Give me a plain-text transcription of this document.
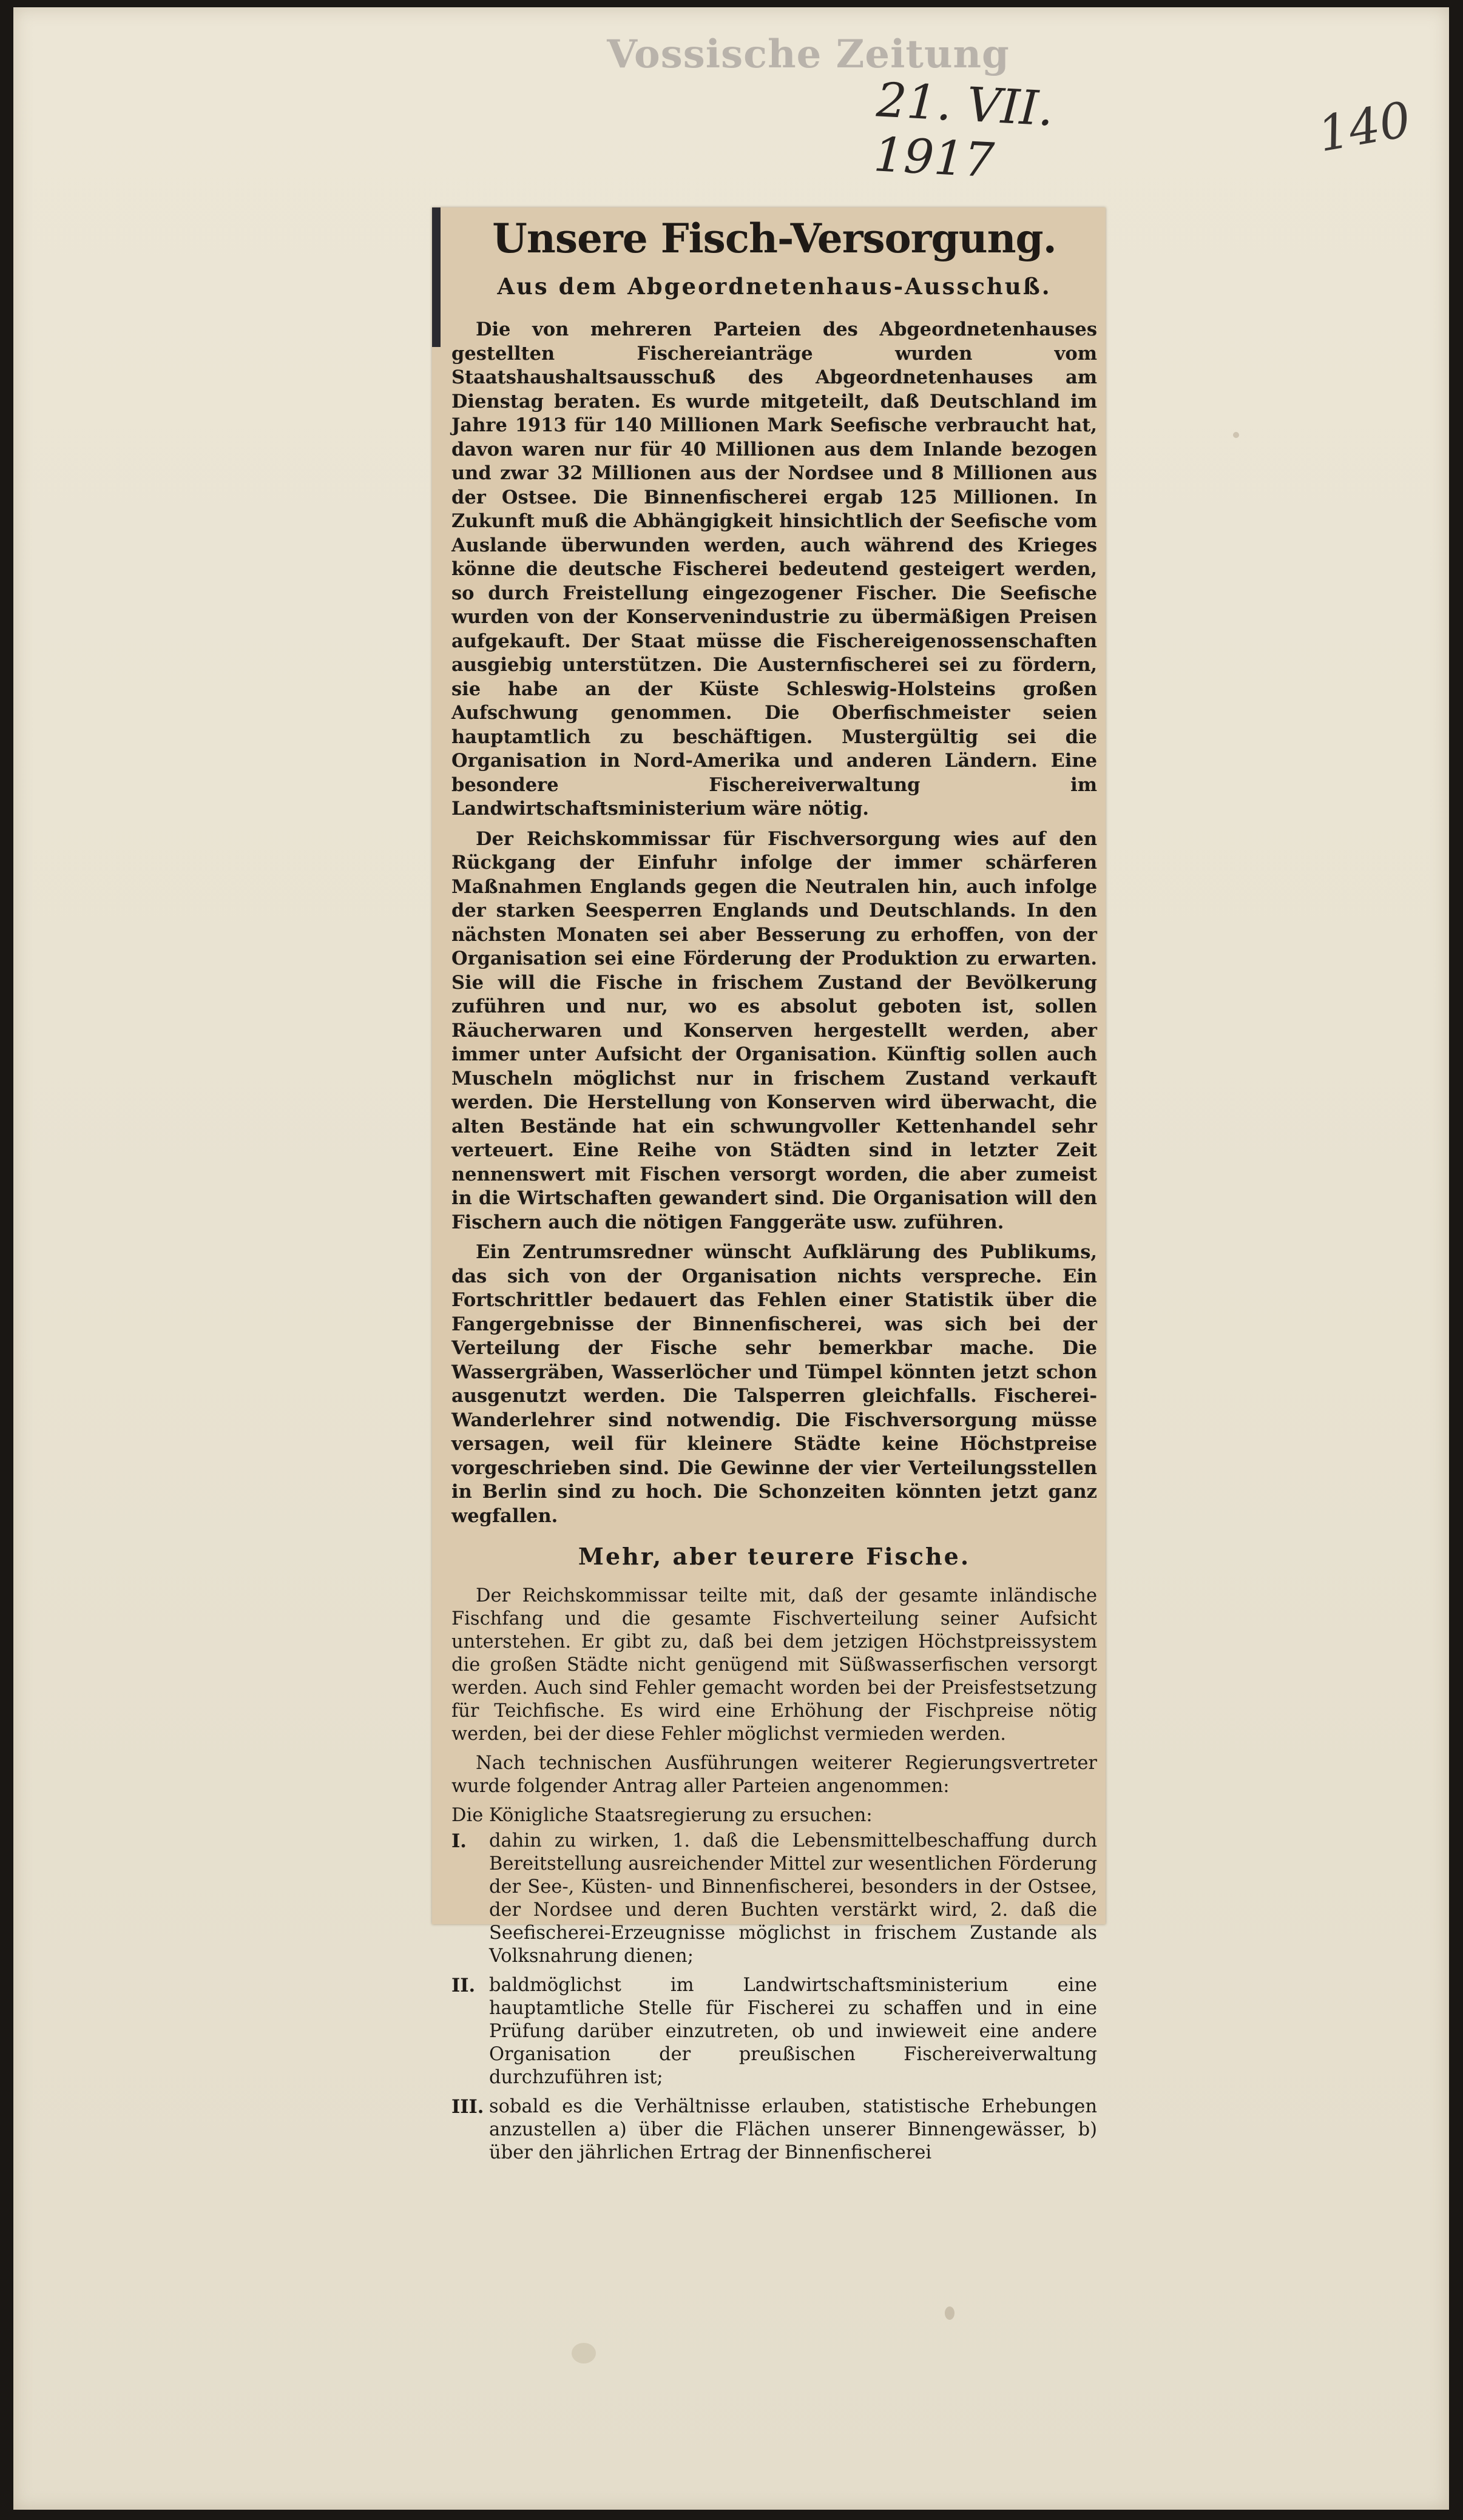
Vossische Zeitung
21. VII. 1917	140
Unsere Fisch-Versorgung.
Aus dem Abgeordnetenhaus-Ausschuß.

Die von mehreren Parteien des Abgeordnetenhauses gestellten Fischereianträge wurden vom Staatshaushaltsausschuß des Abgeordnetenhauses am Dienstag beraten. Es wurde mitgeteilt, daß Deutschland im Jahre 1913 für 140 Millionen Mark Seefische verbraucht hat, davon waren nur für 40 Millionen aus dem Inlande bezogen und zwar 32 Millionen aus der Nordsee und 8 Millionen aus der Ostsee. Die Binnenfischerei ergab 125 Millionen. In Zukunft muß die Abhängigkeit hinsichtlich der Seefische vom Auslande überwunden werden, auch während des Krieges könne die deutsche Fischerei bedeutend gesteigert werden, so durch Freistellung eingezogener Fischer. Die Seefische wurden von der Konservenindustrie zu übermäßigen Preisen aufgekauft. Der Staat müsse die Fischereigenossenschaften ausgiebig unterstützen. Die Austernfischerei sei zu fördern, sie habe an der Küste Schleswig-Holsteins großen Aufschwung genommen. Die Oberfischmeister seien hauptamtlich zu beschäftigen. Mustergültig sei die Organisation in Nord-Amerika und anderen Ländern. Eine besondere Fischereiverwaltung im Landwirtschaftsministerium wäre nötig.

Der Reichskommissar für Fischversorgung wies auf den Rückgang der Einfuhr infolge der immer schärferen Maßnahmen Englands gegen die Neutralen hin, auch infolge der starken Seesperren Englands und Deutschlands. In den nächsten Monaten sei aber Besserung zu erhoffen, von der Organisation sei eine Förderung der Produktion zu erwarten. Sie will die Fische in frischem Zustand der Bevölkerung zuführen und nur, wo es absolut geboten ist, sollen Räucherwaren und Konserven hergestellt werden, aber immer unter Aufsicht der Organisation. Künftig sollen auch Muscheln möglichst nur in frischem Zustand verkauft werden. Die Herstellung von Konserven wird überwacht, die alten Bestände hat ein schwungvoller Kettenhandel sehr verteuert. Eine Reihe von Städten sind in letzter Zeit nennenswert mit Fischen versorgt worden, die aber zumeist in die Wirtschaften gewandert sind. Die Organisation will den Fischern auch die nötigen Fanggeräte usw. zuführen.

Ein Zentrumsredner wünscht Aufklärung des Publikums, das sich von der Organisation nichts verspreche. Ein Fortschrittler bedauert das Fehlen einer Statistik über die Fangergebnisse der Binnenfischerei, was sich bei der Verteilung der Fische sehr bemerkbar mache. Die Wassergräben, Wasserlöcher und Tümpel könnten jetzt schon ausgenutzt werden. Die Talsperren gleichfalls. Fischerei-Wanderlehrer sind notwendig. Die Fischversorgung müsse versagen, weil für kleinere Städte keine Höchstpreise vorgeschrieben sind. Die Gewinne der vier Verteilungsstellen in Berlin sind zu hoch. Die Schonzeiten könnten jetzt ganz wegfallen.

Mehr, aber teurere Fische.

Der Reichskommissar teilte mit, daß der gesamte inländische Fischfang und die gesamte Fischverteilung seiner Aufsicht unterstehen. Er gibt zu, daß bei dem jetzigen Höchstpreissystem die großen Städte nicht genügend mit Süßwasserfischen versorgt werden. Auch sind Fehler gemacht worden bei der Preisfestsetzung für Teichfische. Es wird eine Erhöhung der Fischpreise nötig werden, bei der diese Fehler möglichst vermieden werden.

Nach technischen Ausführungen weiterer Regierungsvertreter wurde folgender Antrag aller Parteien angenommen:

Die Königliche Staatsregierung zu ersuchen:

I.	dahin zu wirken, 1. daß die Lebensmittelbeschaffung durch Bereitstellung ausreichender Mittel zur wesentlichen Förderung der See-, Küsten- und Binnenfischerei, besonders in der Ostsee, der Nordsee und deren Buchten verstärkt wird, 2. daß die Seefischerei-Erzeugnisse möglichst in frischem Zustande als Volksnahrung dienen;
II. baldmöglichst im Landwirtschaftsministerium eine hauptamtliche Stelle für Fischerei zu schaffen und in eine Prüfung darüber einzutreten, ob und inwieweit eine andere Organisation der preußischen Fischereiverwaltung durchzuführen ist;
III. sobald es die Verhältnisse erlauben, statistische Erhebungen anzustellen a) über die Flächen unserer Binnengewässer, b) über den jährlichen Ertrag der Binnenfischerei
